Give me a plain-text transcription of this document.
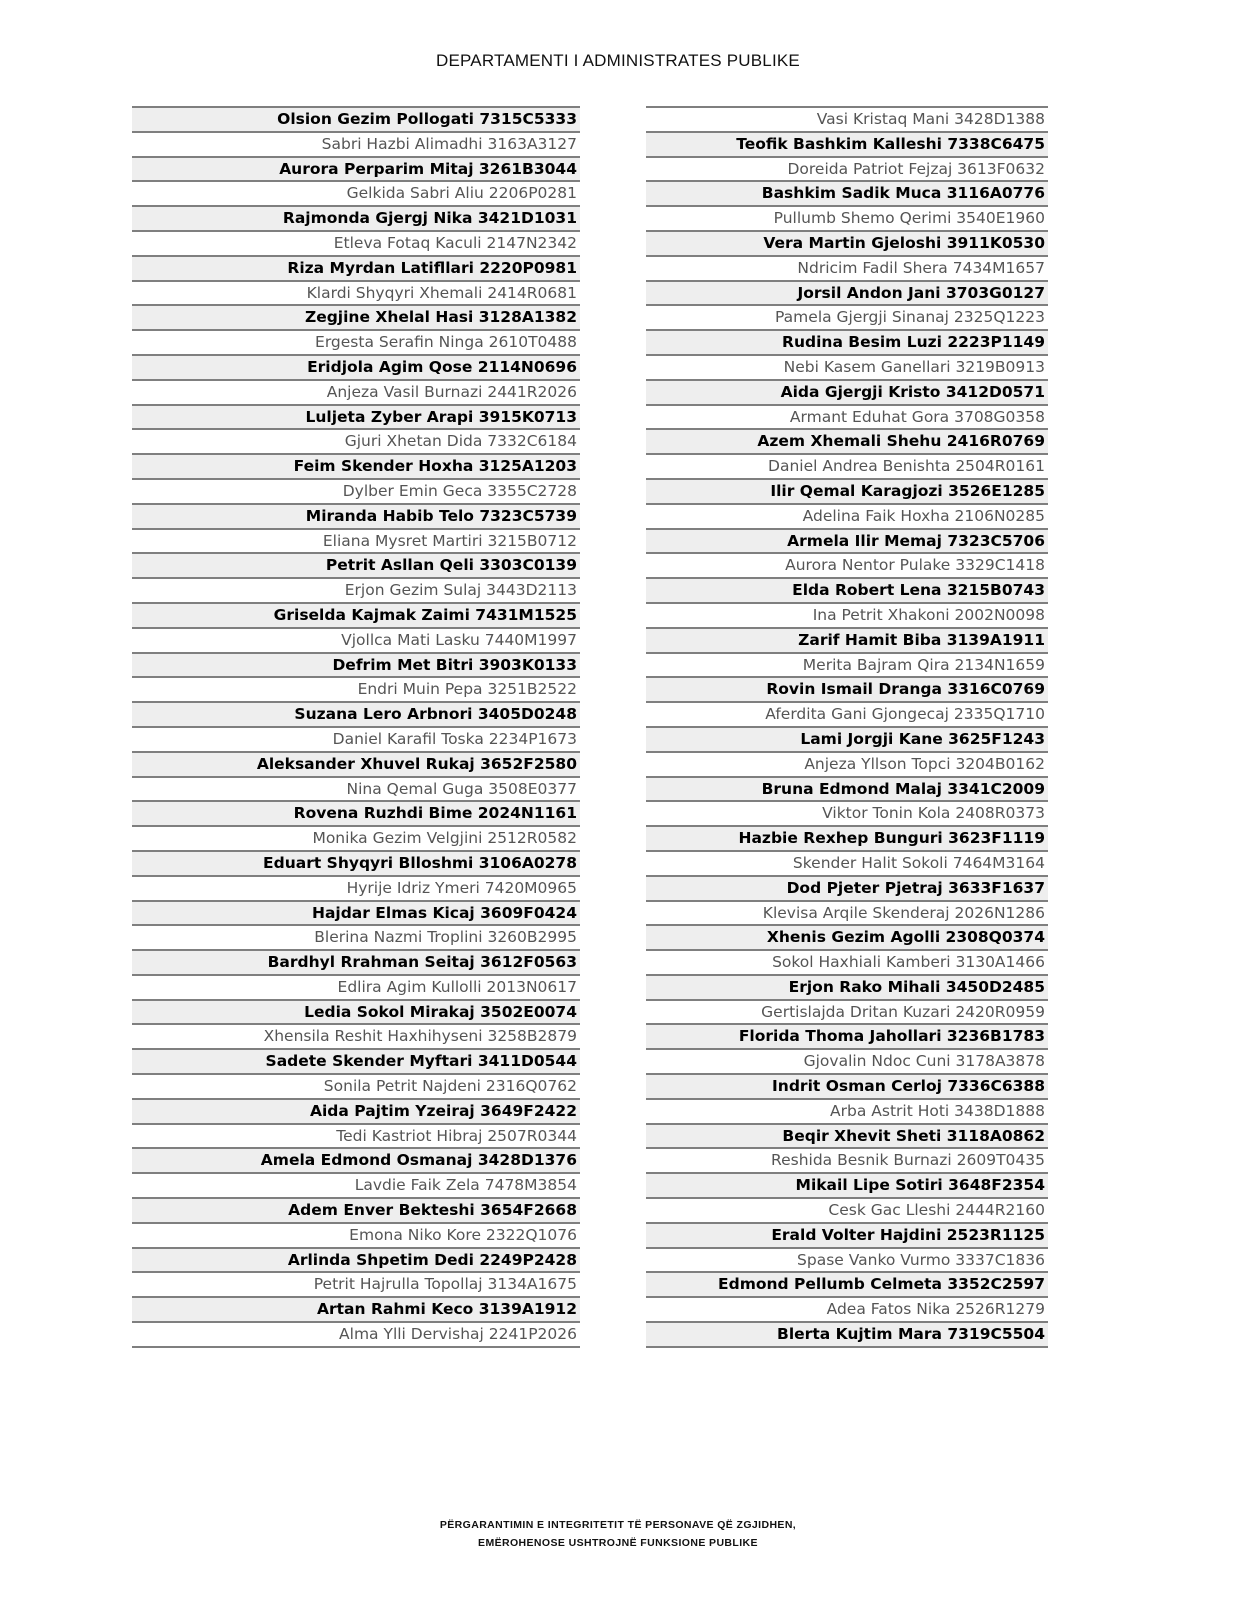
DEPARTAMENTI I ADMINISTRATES PUBLIKE
Olsion Gezim Pollogati 7315C5333
Sabri Hazbi Alimadhi 3163A3127
Aurora Perparim Mitaj 3261B3044
Gelkida Sabri Aliu 2206P0281
Rajmonda Gjergj Nika 3421D1031
Etleva Fotaq Kaculi 2147N2342
Riza Myrdan Latifllari 2220P0981
Klardi Shyqyri Xhemali 2414R0681
Zegjine Xhelal Hasi 3128A1382
Ergesta Serafin Ninga 2610T0488
Eridjola Agim Qose 2114N0696
Anjeza Vasil Burnazi 2441R2026
Luljeta Zyber Arapi 3915K0713
Gjuri Xhetan Dida 7332C6184
Feim Skender Hoxha 3125A1203
Dylber Emin Geca 3355C2728
Miranda Habib Telo 7323C5739
Eliana Mysret Martiri 3215B0712
Petrit Asllan Qeli 3303C0139
Erjon Gezim Sulaj 3443D2113
Griselda Kajmak Zaimi 7431M1525
Vjollca Mati Lasku 7440M1997
Defrim Met Bitri 3903K0133
Endri Muin Pepa 3251B2522
Suzana Lero Arbnori 3405D0248
Daniel Karafil Toska 2234P1673
Aleksander Xhuvel Rukaj 3652F2580
Nina Qemal Guga 3508E0377
Rovena Ruzhdi Bime 2024N1161
Monika Gezim Velgjini 2512R0582
Eduart Shyqyri Blloshmi 3106A0278
Hyrije Idriz Ymeri 7420M0965
Hajdar Elmas Kicaj 3609F0424
Blerina Nazmi Troplini 3260B2995
Bardhyl Rrahman Seitaj 3612F0563
Edlira Agim Kullolli 2013N0617
Ledia Sokol Mirakaj 3502E0074
Xhensila Reshit Haxhihyseni 3258B2879
Sadete Skender Myftari 3411D0544
Sonila Petrit Najdeni 2316Q0762
Aida Pajtim Yzeiraj 3649F2422
Tedi Kastriot Hibraj 2507R0344
Amela Edmond Osmanaj 3428D1376
Lavdie Faik Zela 7478M3854
Adem Enver Bekteshi 3654F2668
Emona Niko Kore 2322Q1076
Arlinda Shpetim Dedi 2249P2428
Petrit Hajrulla Topollaj 3134A1675
Artan Rahmi Keco 3139A1912
Alma Ylli Dervishaj 2241P2026
Vasi Kristaq Mani 3428D1388
Teofik Bashkim Kalleshi 7338C6475
Doreida Patriot Fejzaj 3613F0632
Bashkim Sadik Muca 3116A0776
Pullumb Shemo Qerimi 3540E1960
Vera Martin Gjeloshi 3911K0530
Ndricim Fadil Shera 7434M1657
Jorsil Andon Jani 3703G0127
Pamela Gjergji Sinanaj 2325Q1223
Rudina Besim Luzi 2223P1149
Nebi Kasem Ganellari 3219B0913
Aida Gjergji Kristo 3412D0571
Armant Eduhat Gora 3708G0358
Azem Xhemali Shehu 2416R0769
Daniel Andrea Benishta 2504R0161
Ilir Qemal Karagjozi 3526E1285
Adelina Faik Hoxha 2106N0285
Armela Ilir Memaj 7323C5706
Aurora Nentor Pulake 3329C1418
Elda Robert Lena 3215B0743
Ina Petrit Xhakoni 2002N0098
Zarif Hamit Biba 3139A1911
Merita Bajram Qira 2134N1659
Rovin Ismail Dranga 3316C0769
Aferdita Gani Gjongecaj 2335Q1710
Lami Jorgji Kane 3625F1243
Anjeza Yllson Topci 3204B0162
Bruna Edmond Malaj 3341C2009
Viktor Tonin Kola 2408R0373
Hazbie Rexhep Bunguri 3623F1119
Skender Halit Sokoli 7464M3164
Dod Pjeter Pjetraj 3633F1637
Klevisa Arqile Skenderaj 2026N1286
Xhenis Gezim Agolli 2308Q0374
Sokol Haxhiali Kamberi 3130A1466
Erjon Rako Mihali 3450D2485
Gertislajda Dritan Kuzari 2420R0959
Florida Thoma Jahollari 3236B1783
Gjovalin Ndoc Cuni 3178A3878
Indrit Osman Cerloj 7336C6388
Arba Astrit Hoti 3438D1888
Beqir Xhevit Sheti 3118A0862
Reshida Besnik Burnazi 2609T0435
Mikail Lipe Sotiri 3648F2354
Cesk Gac Lleshi 2444R2160
Erald Volter Hajdini 2523R1125
Spase Vanko Vurmo 3337C1836
Edmond Pellumb Celmeta 3352C2597
Adea Fatos Nika 2526R1279
Blerta Kujtim Mara 7319C5504
PËRGARANTIMIN E INTEGRITETIT TË PERSONAVE QË ZGJIDHEN,
EMËROHENOSE USHTROJNË FUNKSIONE PUBLIKE
